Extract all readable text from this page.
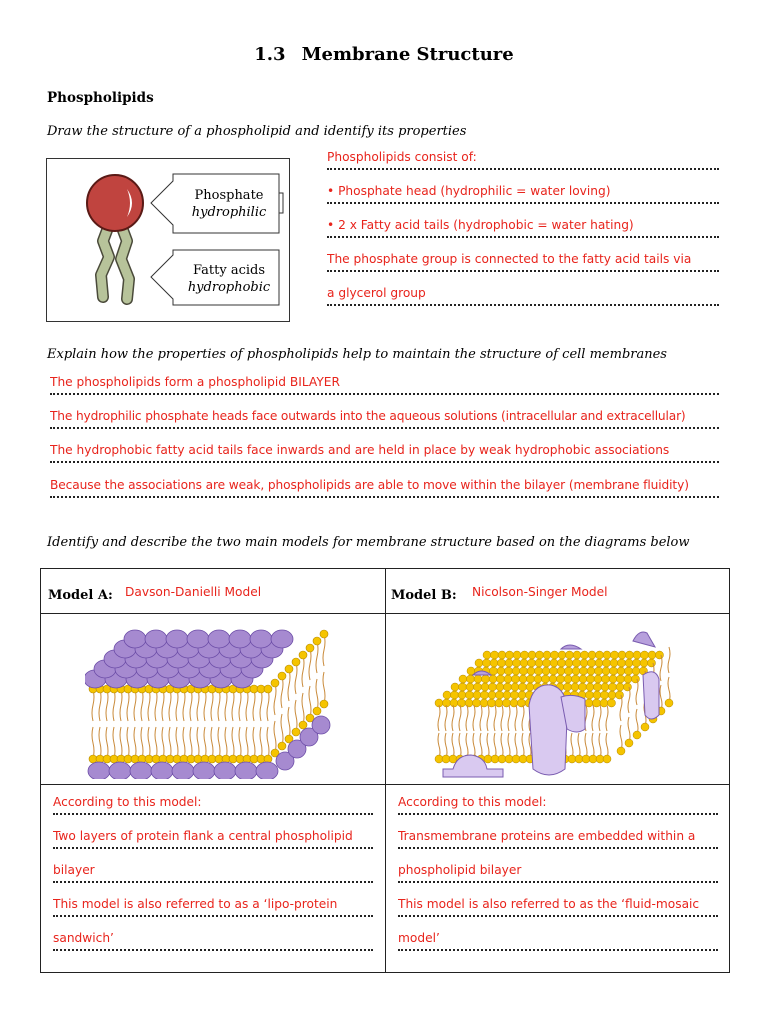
1.3 Membrane Structure
Phospholipids
Draw the structure of a phospholipid and identify its properties
Phosphate
hydrophilic
Fatty acids
hydrophobic
Phospholipids consist of:
• Phosphate head (hydrophilic = water loving)
• 2 x Fatty acid tails (hydrophobic = water hating)
The phosphate group is connected to the fatty acid tails via
a glycerol group
Explain how the properties of phospholipids help to maintain the structure of cell membranes
The phospholipids form a phospholipid BILAYER
The hydrophilic phosphate heads face outwards into the aqueous solutions (intracellular and extracellular)
The hydrophobic fatty acid tails face inwards and are held in place by weak hydrophobic associations
Because the associations are weak, phospholipids are able to move within the bilayer (membrane fluidity)
Identify and describe the two main models for membrane structure based on the diagrams below
Model A: Davson-Danielli Model	Model B: Nicolson-Singer Model
According to this model:
Two layers of protein flank a central phospholipid
bilayer
This model is also referred to as a ‘lipo-protein
sandwich’
According to this model:
Transmembrane proteins are embedded within a
phospholipid bilayer
This model is also referred to as the ‘fluid-mosaic
model’
